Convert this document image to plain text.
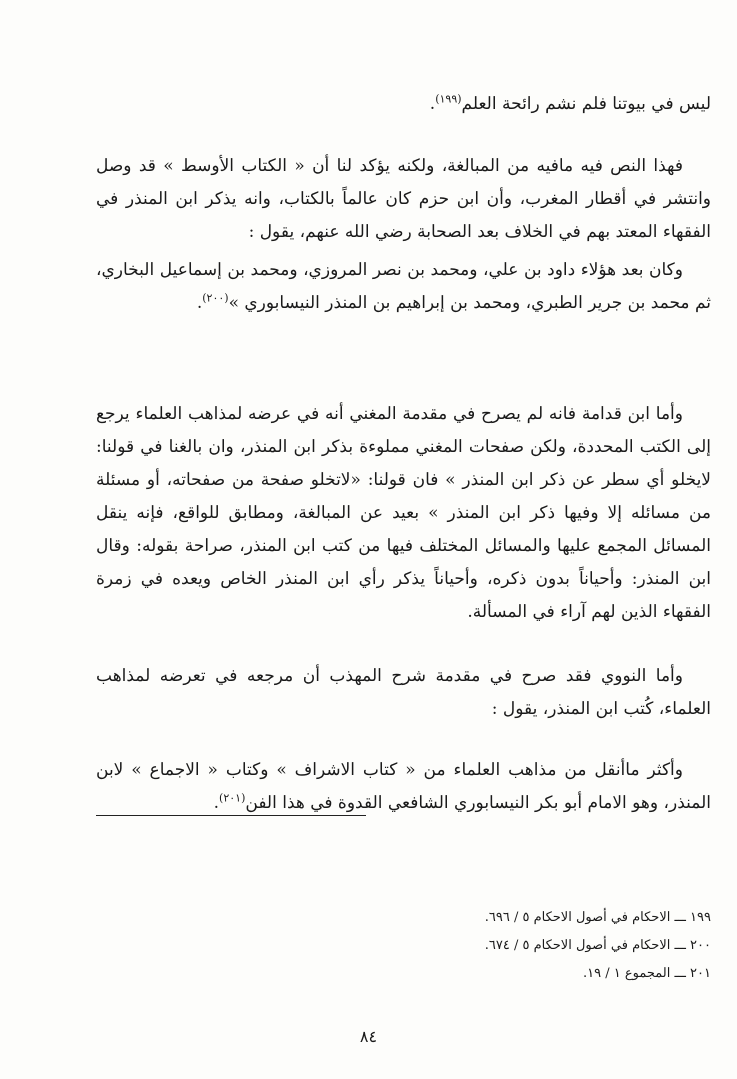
ليس في بيوتنا فلم نشم رائحة العلم$^{(١٩٩)}$.

فهذا النص فيه مافيه من المبالغة، ولكنه يؤكد لنا أن « الكتاب الأوسط » قد وصل وانتشر في أقطار المغرب، وأن ابن حزم كان عالماً بالكتاب، وانه يذكر ابن المنذر في الفقهاء المعتد بهم في الخلاف بعد الصحابة رضي الله عنهم، يقول :

وكان بعد هؤلاء داود بن علي، ومحمد بن نصر المروزي، ومحمد بن إسماعيل البخاري، ثم محمد بن جرير الطبري، ومحمد بن إبراهيم بن المنذر النيسابوري »$^{(٢٠٠)}$.

وأما ابن قدامة فانه لم يصرح في مقدمة المغني أنه في عرضه لمذاهب العلماء يرجع إلى الكتب المحددة، ولكن صفحات المغني مملوءة بذكر ابن المنذر، وان بالغنا في قولنا: لايخلو أي سطر عن ذكر ابن المنذر » فان قولنا: «لاتخلو صفحة من صفحاته، أو مسئلة من مسائله إلا وفيها ذكر ابن المنذر » بعيد عن المبالغة، ومطابق للواقع، فإنه ينقل المسائل المجمع عليها والمسائل المختلف فيها من كتب ابن المنذر، صراحة بقوله: وقال ابن المنذر: وأحياناً بدون ذكره، وأحياناً يذكر رأي ابن المنذر الخاص ويعده في زمرة الفقهاء الذين لهم آراء في المسألة.

وأما النووي فقد صرح في مقدمة شرح المهذب أن مرجعه في تعرضه لمذاهب العلماء، كُتب ابن المنذر، يقول :

وأكثر ماأنقل من مذاهب العلماء من « كتاب الاشراف » وكتاب « الاجماع » لابن المنذر، وهو الامام أبو بكر النيسابوري الشافعي القدوة في هذا الفن$^{(٢٠١)}$.

١٩٩ ـــ الاحكام في أصول الاحكام ٥ / ٦٩٦.
٢٠٠ ـــ الاحكام في أصول الاحكام ٥ / ٦٧٤.
٢٠١ ـــ المجموع ١ / ١٩.
٨٤
